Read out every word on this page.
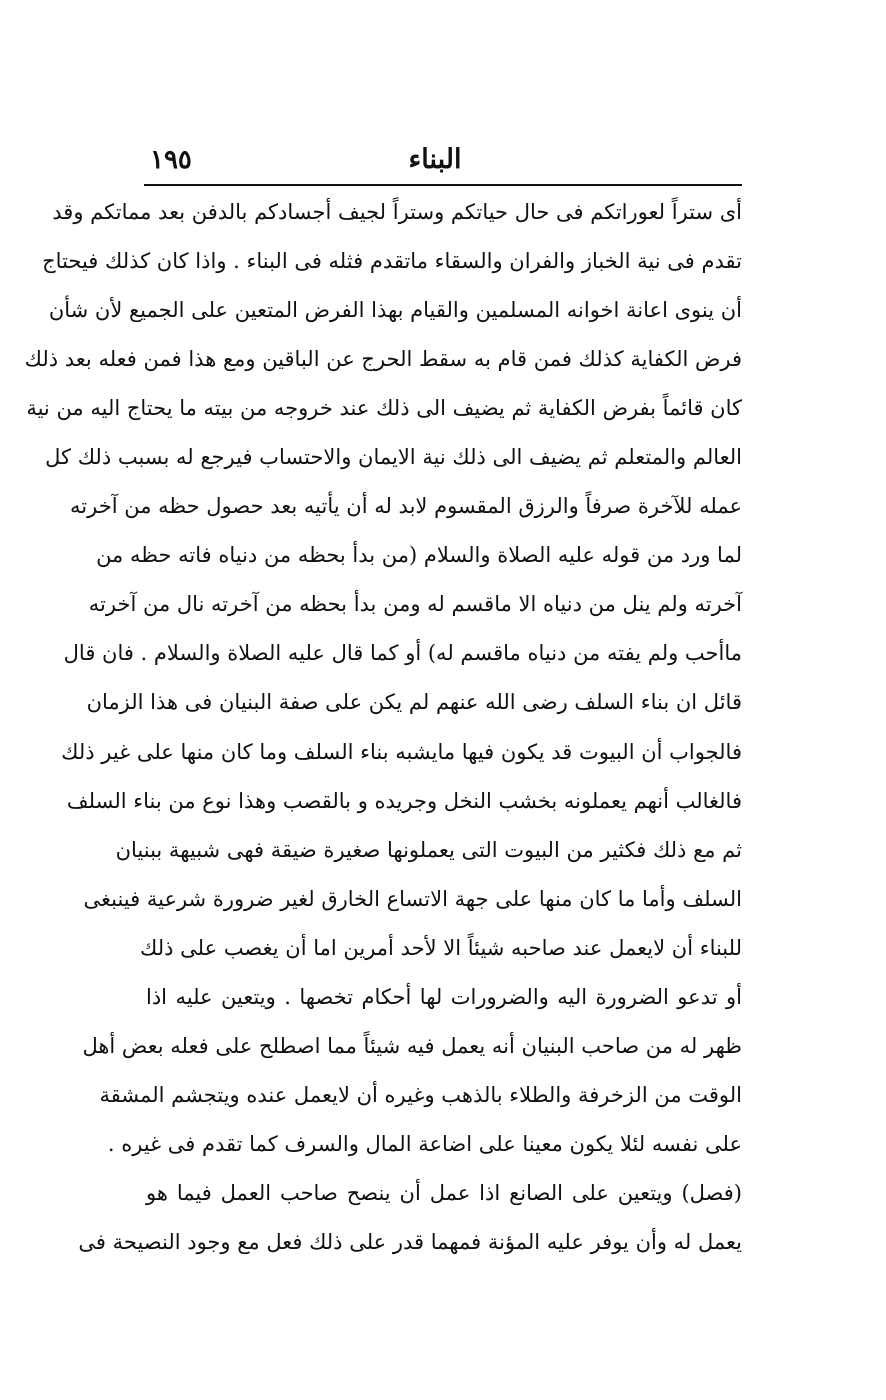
١٩٥	البناء
أى ستراً لعوراتكم فى حال حياتكم وستراً لجيف أجسادكم بالدفن بعد مماتكم وقد
تقدم فى نية الخباز والفران والسقاء ماتقدم فثله فى البناء . واذا كان كذلك فيحتاج
أن ينوى اعانة اخوانه المسلمين والقيام بهذا الفرض المتعين على الجميع لأن شأن
فرض الكفاية كذلك فمن قام به سقط الحرج عن الباقين ومع هذا فمن فعله بعد ذلك
كان قائماً بفرض الكفاية ثم يضيف الى ذلك عند خروجه من بيته ما يحتاج اليه من نية
العالم والمتعلم ثم يضيف الى ذلك نية الايمان والاحتساب فيرجع له بسبب ذلك كل
عمله للآخرة صرفاً والرزق المقسوم لابد له أن يأتيه بعد حصول حظه من آخرته
لما ورد من قوله عليه الصلاة والسلام (من بدأ بحظه من دنياه فاته حظه من
آخرته ولم ينل من دنياه الا ماقسم له ومن بدأ بحظه من آخرته نال من آخرته
ماأحب ولم يفته من دنياه ماقسم له) أو كما قال عليه الصلاة والسلام . فان قال
قائل ان بناء السلف رضى الله عنهم لم يكن على صفة البنيان فى هذا الزمان
فالجواب أن البيوت قد يكون فيها مايشبه بناء السلف وما كان منها على غير ذلك
فالغالب أنهم يعملونه بخشب النخل وجريده و بالقصب وهذا نوع من بناء السلف
ثم مع ذلك فكثير من البيوت التى يعملونها صغيرة ضيقة فهى شبيهة ببنيان
السلف وأما ما كان منها على جهة الاتساع الخارق لغير ضرورة شرعية فينبغى
للبناء أن لايعمل عند صاحبه شيئاً الا لأحد أمرين اما أن يغصب على ذلك
أو تدعو الضرورة اليه والضرورات لها أحكام تخصها . ويتعين عليه اذا
ظهر له من صاحب البنيان أنه يعمل فيه شيئاً مما اصطلح على فعله بعض أهل
الوقت من الزخرفة والطلاء بالذهب وغيره أن لايعمل عنده ويتجشم المشقة
على نفسه لئلا يكون معينا على اضاعة المال والسرف كما تقدم فى غيره .
(فصل) ويتعين على الصانع اذا عمل أن ينصح صاحب العمل فيما هو
يعمل له وأن يوفر عليه المؤنة فمهما قدر على ذلك فعل مع وجود النصيحة فى
